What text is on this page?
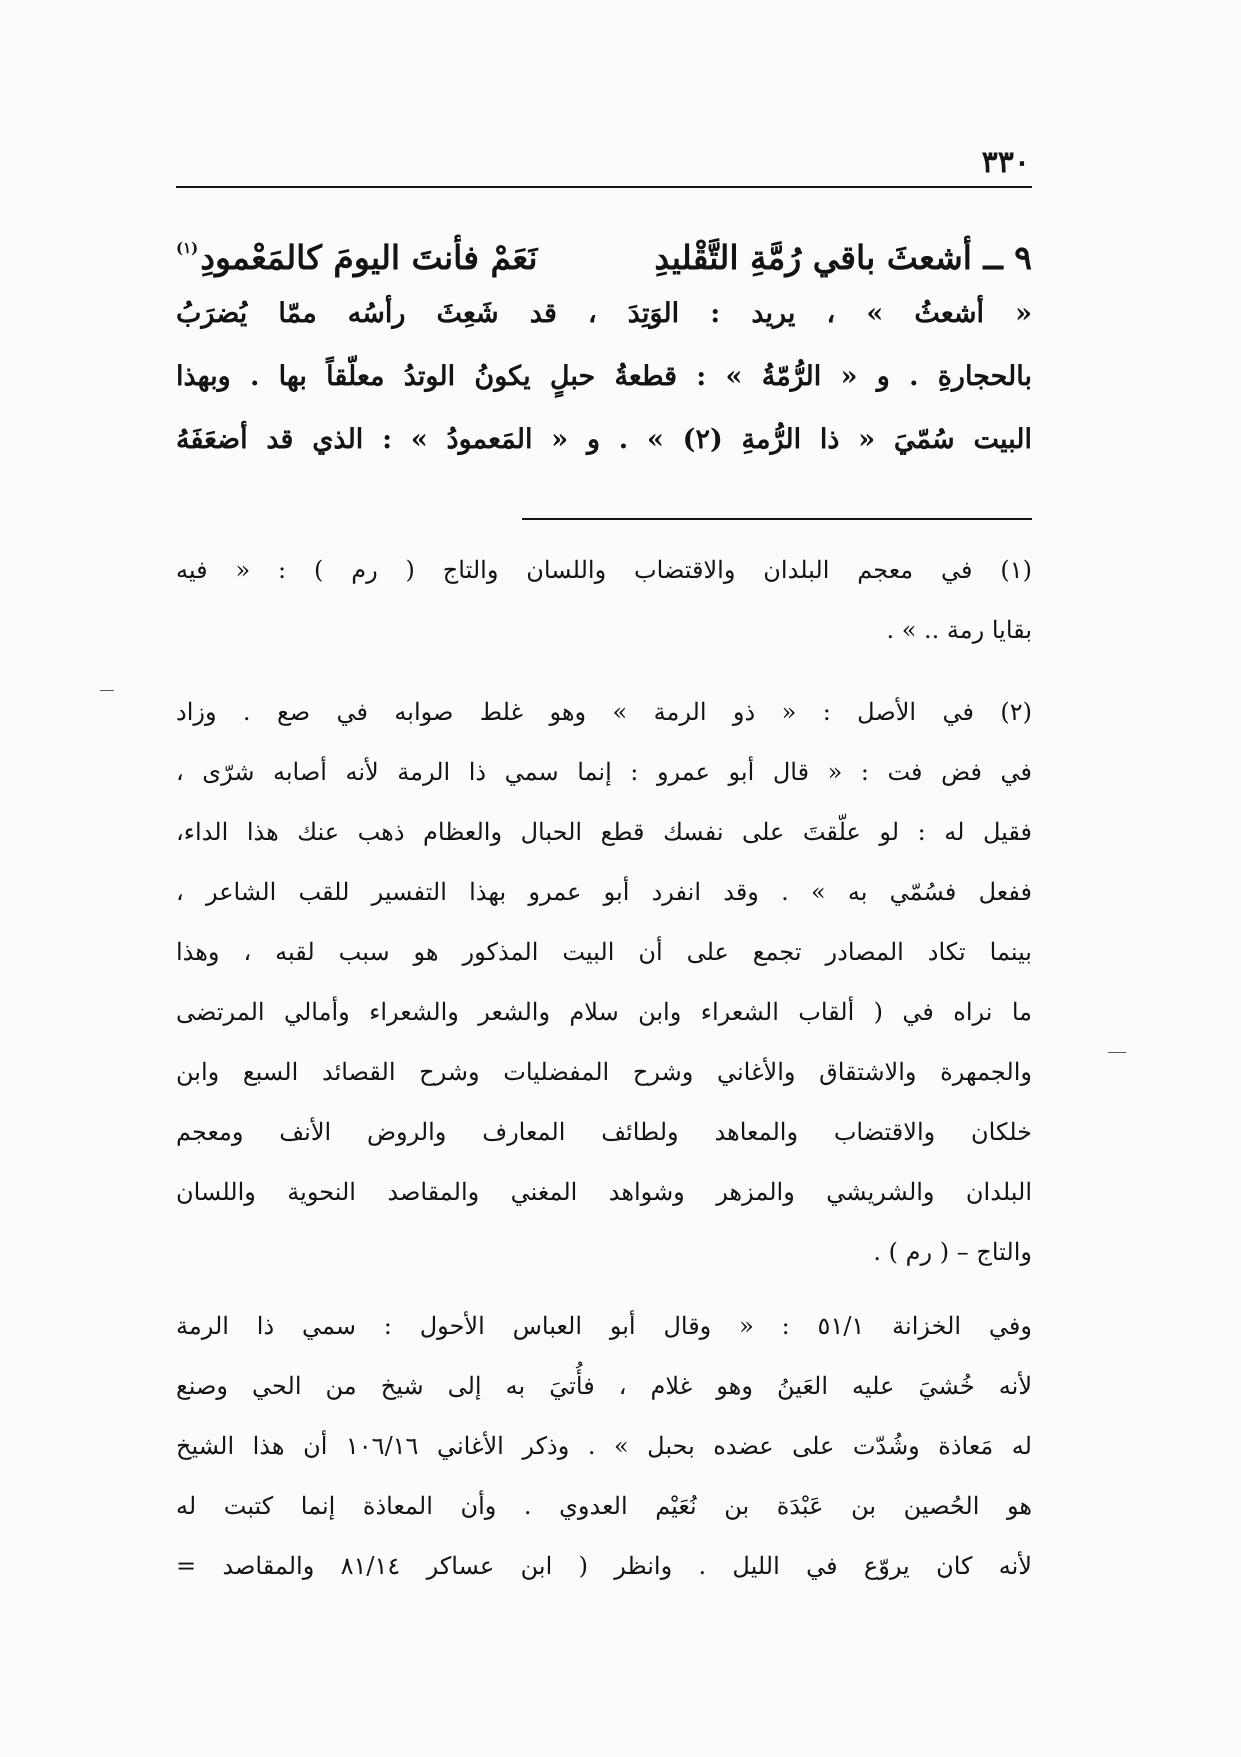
٣٣٠
٩ ــ أشعثَ باقي رُمَّةِ التَّقْليدِ
نَعَمْ فأنتَ اليومَ كالمَعْمودِ$^{(١)}$

« أشعثُ » ، يريد : الوَتِدَ ، قد شَعِثَ رأسُه ممّا يُضرَبُ

بالحجارةِ . و « الرُّمّةُ » : قطعةُ حبلٍ يكونُ الوتدُ معلّقاً بها . وبهذا

البيت سُمّيَ « ذا الرُّمةِ (٢) » . و « المَعمودُ » : الذي قد أضعَفَهُ

(١) في معجم البلدان والاقتضاب واللسان والتاج ( رم ) : « فيه

بقايا رمة .. » .

(٢) في الأصل : « ذو الرمة » وهو غلط صوابه في صع . وزاد

في فض فت : « قال أبو عمرو : إنما سمي ذا الرمة لأنه أصابه شرّى ،

فقيل له : لو علّقتَ على نفسك قطع الحبال والعظام ذهب عنك هذا الداء،

ففعل فسُمّي به » . وقد انفرد أبو عمرو بهذا التفسير للقب الشاعر ،

بينما تكاد المصادر تجمع على أن البيت المذكور هو سبب لقبه ، وهذا

ما نراه في ( ألقاب الشعراء وابن سلام والشعر والشعراء وأمالي المرتضى

والجمهرة والاشتقاق والأغاني وشرح المفضليات وشرح القصائد السبع وابن

خلكان والاقتضاب والمعاهد ولطائف المعارف والروض الأنف ومعجم

البلدان والشريشي والمزهر وشواهد المغني والمقاصد النحوية واللسان

والتاج – ( رم ) .

وفي الخزانة ٥١/١ : « وقال أبو العباس الأحول : سمي ذا الرمة

لأنه خُشيَ عليه العَينُ وهو غلام ، فأُتيَ به إلى شيخ من الحي وصنع

له مَعاذة وشُدّت على عضده بحبل » . وذكر الأغاني ١٠٦/١٦ أن هذا الشيخ

هو الحُصين بن عَبْدَة بن نُعَيْم العدوي . وأن المعاذة إنما كتبت له

لأنه كان يروّع في الليل . وانظر ( ابن عساكر ٨١/١٤ والمقاصد =
